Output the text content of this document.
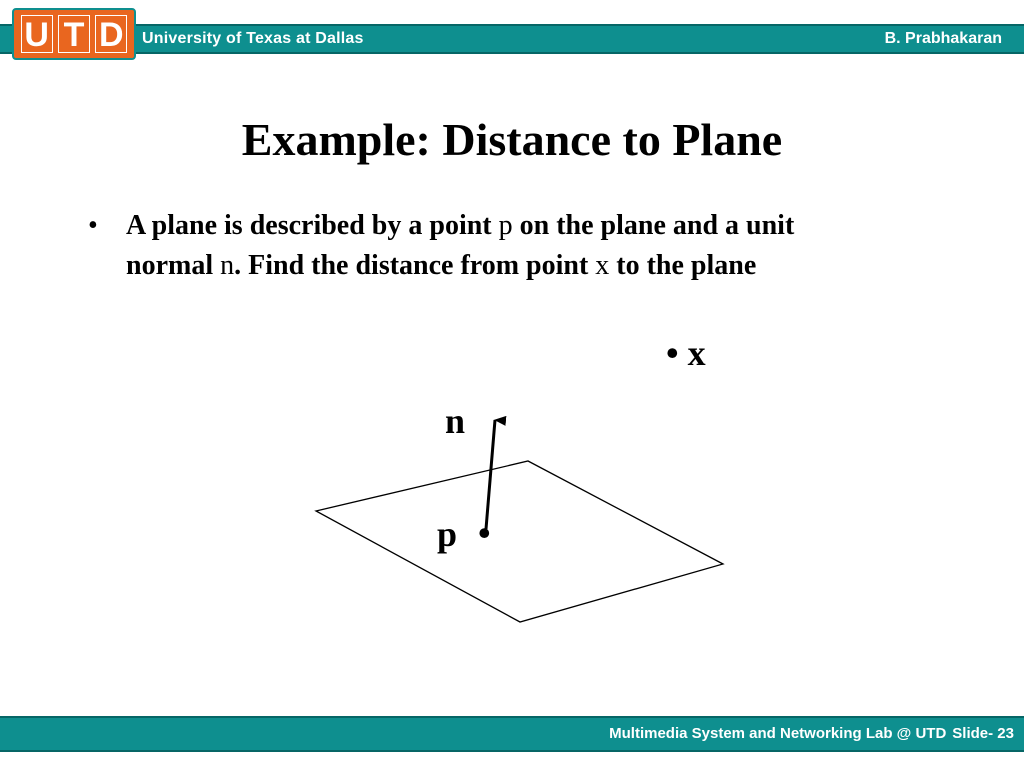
U T D University of Texas at Dallas	B. Prabhakaran
Example: Distance to Plane
• A plane is described by a point p on the plane and a unit normal n. Find the distance from point x to the plane
• x
n
p •
Multimedia System and Networking Lab @ UTD Slide- 23
